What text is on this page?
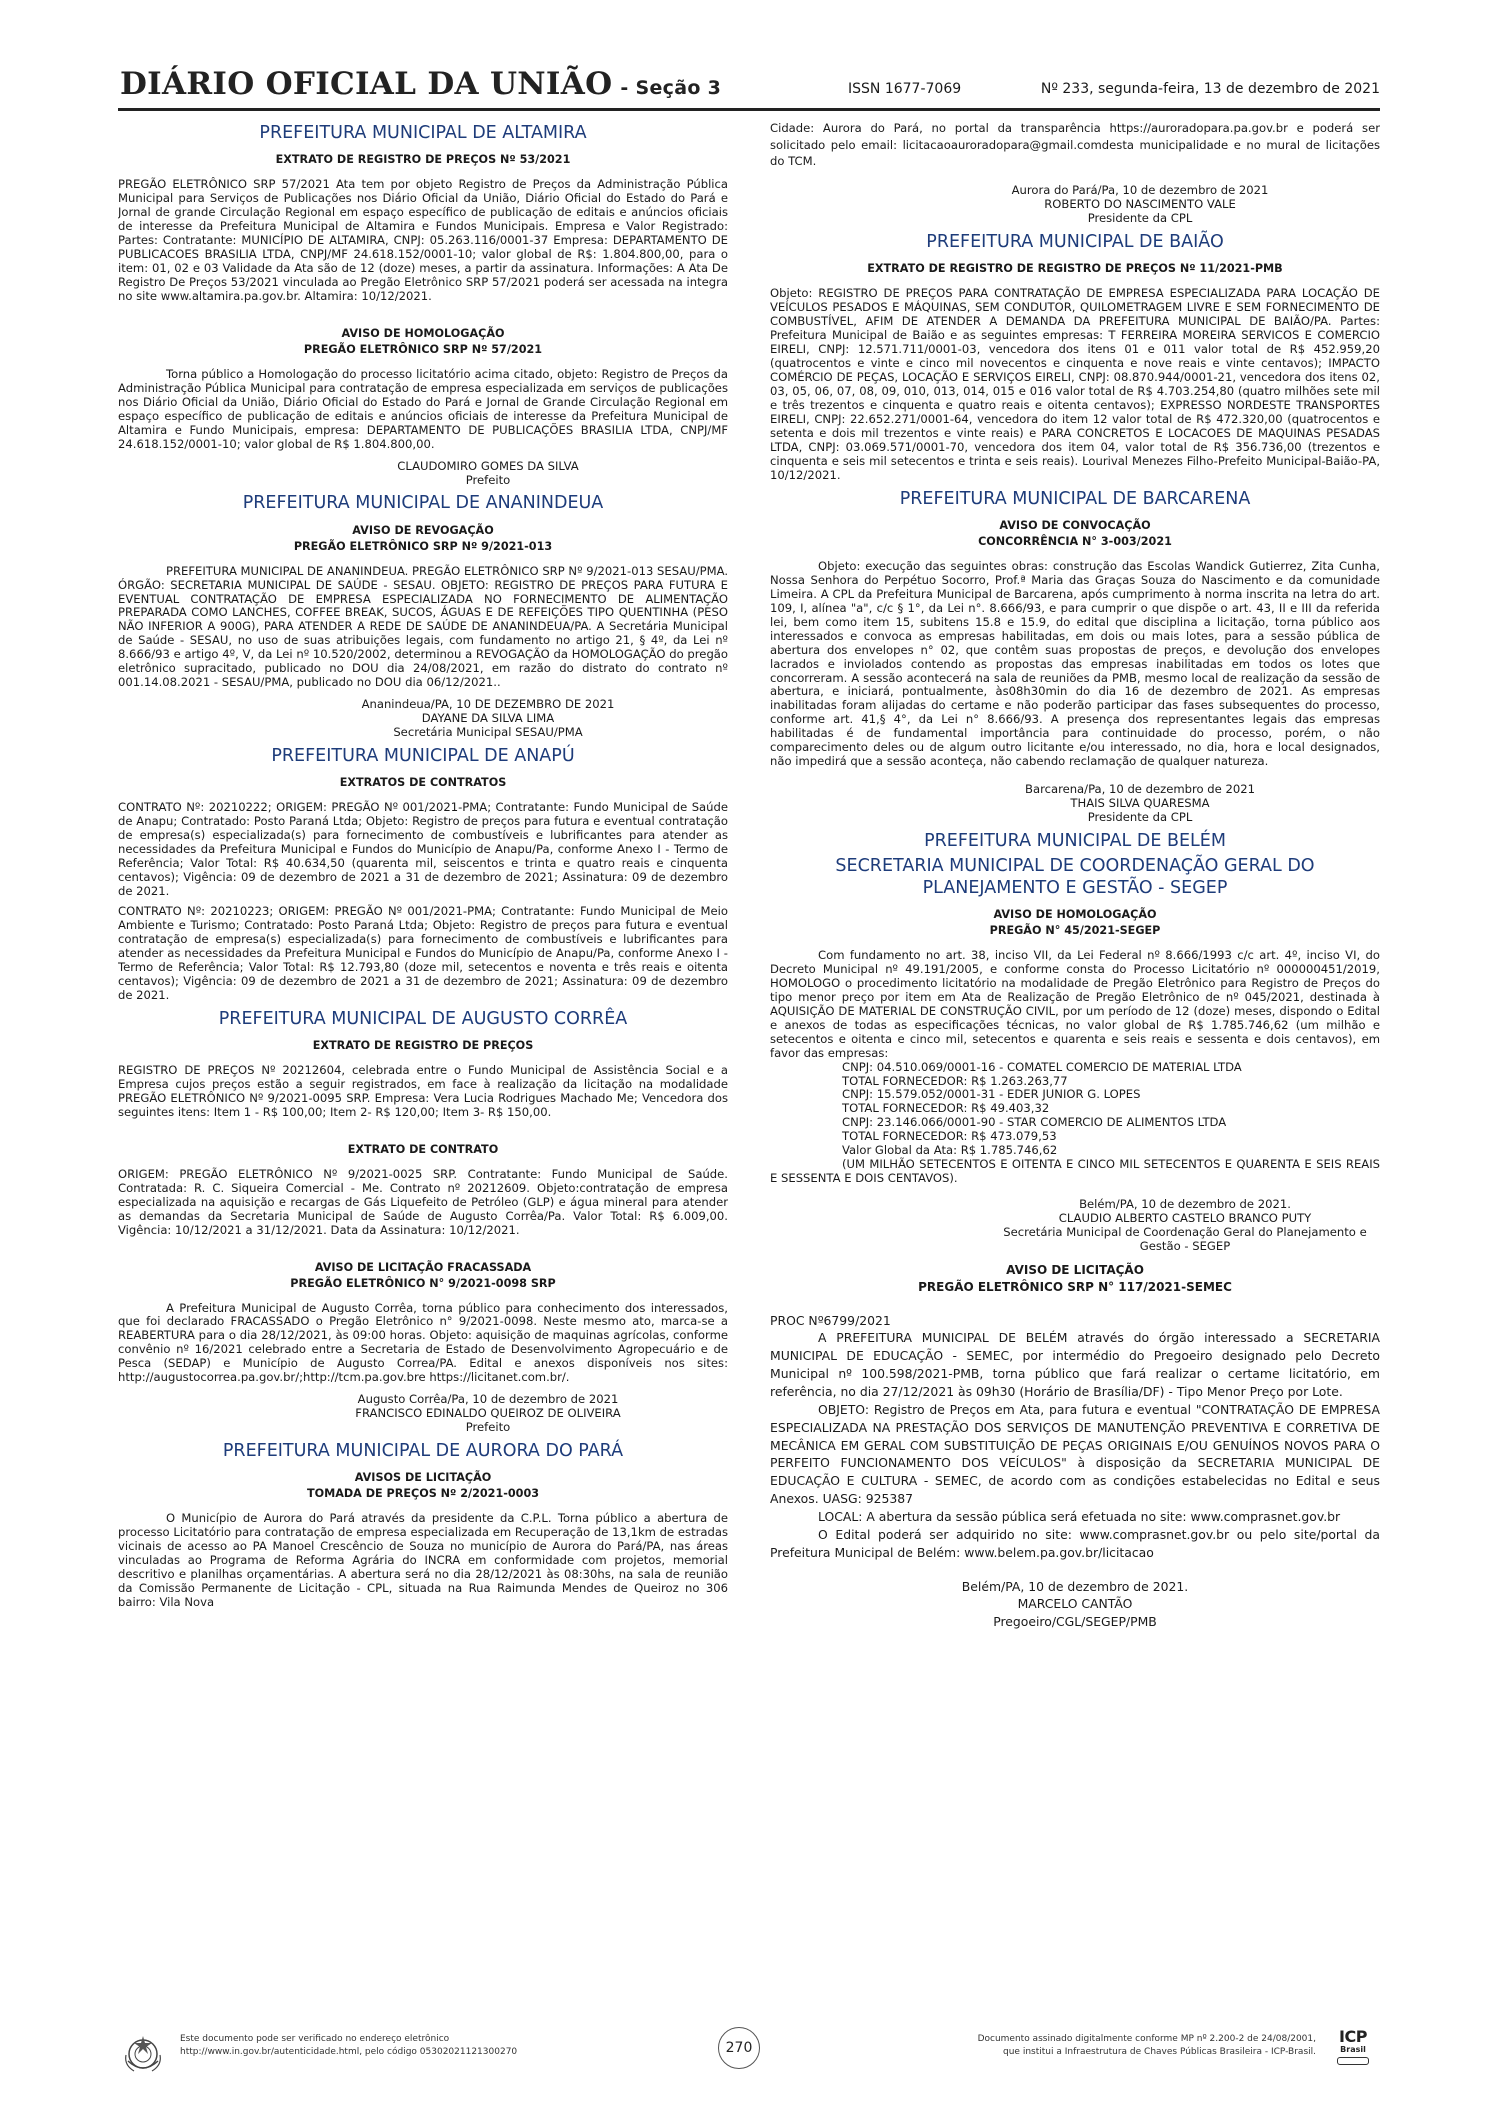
DIÁRIO OFICIAL DA UNIÃO - Seção 3	ISSN 1677-7069	Nº 233, segunda-feira, 13 de dezembro de 2021
PREFEITURA MUNICIPAL DE ALTAMIRA
EXTRATO DE REGISTRO DE PREÇOS Nº 53/2021

PREGÃO ELETRÔNICO SRP 57/2021 Ata tem por objeto Registro de Preços da Administração Pública Municipal para Serviços de Publicações nos Diário Oficial da União, Diário Oficial do Estado do Pará e Jornal de grande Circulação Regional em espaço específico de publicação de editais e anúncios oficiais de interesse da Prefeitura Municipal de Altamira e Fundos Municipais. Empresa e Valor Registrado: Partes: Contratante: MUNICÍPIO DE ALTAMIRA, CNPJ: 05.263.116/0001-37 Empresa: DEPARTAMENTO DE PUBLICACOES BRASILIA LTDA, CNPJ/MF 24.618.152/0001-10; valor global de R$: 1.804.800,00, para o item: 01, 02 e 03 Validade da Ata são de 12 (doze) meses, a partir da assinatura. Informações: A Ata De Registro De Preços 53/2021 vinculada ao Pregão Eletrônico SRP 57/2021 poderá ser acessada na integra no site www.altamira.pa.gov.br. Altamira: 10/12/2021.

AVISO DE HOMOLOGAÇÃO
PREGÃO ELETRÔNICO SRP Nº 57/2021

Torna público a Homologação do processo licitatório acima citado, objeto: Registro de Preços da Administração Pública Municipal para contratação de empresa especializada em serviços de publicações nos Diário Oficial da União, Diário Oficial do Estado do Pará e Jornal de Grande Circulação Regional em espaço específico de publicação de editais e anúncios oficiais de interesse da Prefeitura Municipal de Altamira e Fundo Municipais, empresa: DEPARTAMENTO DE PUBLICAÇÕES BRASILIA LTDA, CNPJ/MF 24.618.152/0001-10; valor global de R$ 1.804.800,00.

CLAUDOMIRO GOMES DA SILVA
Prefeito
PREFEITURA MUNICIPAL DE ANANINDEUA
AVISO DE REVOGAÇÃO
PREGÃO ELETRÔNICO SRP Nº 9/2021-013

PREFEITURA MUNICIPAL DE ANANINDEUA. PREGÃO ELETRÔNICO SRP Nº 9/2021-013 SESAU/PMA. ÓRGÃO: SECRETARIA MUNICIPAL DE SAÚDE - SESAU. OBJETO: REGISTRO DE PREÇOS PARA FUTURA E EVENTUAL CONTRATAÇÃO DE EMPRESA ESPECIALIZADA NO FORNECIMENTO DE ALIMENTAÇÃO PREPARADA COMO LANCHES, COFFEE BREAK, SUCOS, ÁGUAS E DE REFEIÇÕES TIPO QUENTINHA (PESO NÃO INFERIOR A 900G), PARA ATENDER A REDE DE SAÚDE DE ANANINDEUA/PA. A Secretária Municipal de Saúde - SESAU, no uso de suas atribuições legais, com fundamento no artigo 21, § 4º, da Lei nº 8.666/93 e artigo 4º, V, da Lei nº 10.520/2002, determinou a REVOGAÇÃO da HOMOLOGAÇÃO do pregão eletrônico supracitado, publicado no DOU dia 24/08/2021, em razão do distrato do contrato nº 001.14.08.2021 - SESAU/PMA, publicado no DOU dia 06/12/2021..

Ananindeua/PA, 10 DE DEZEMBRO DE 2021
DAYANE DA SILVA LIMA
Secretária Municipal SESAU/PMA
PREFEITURA MUNICIPAL DE ANAPÚ
EXTRATOS DE CONTRATOS

CONTRATO Nº: 20210222; ORIGEM: PREGÃO Nº 001/2021-PMA; Contratante: Fundo Municipal de Saúde de Anapu; Contratado: Posto Paraná Ltda; Objeto: Registro de preços para futura e eventual contratação de empresa(s) especializada(s) para fornecimento de combustíveis e lubrificantes para atender as necessidades da Prefeitura Municipal e Fundos do Município de Anapu/Pa, conforme Anexo I - Termo de Referência; Valor Total: R$ 40.634,50 (quarenta mil, seiscentos e trinta e quatro reais e cinquenta centavos); Vigência: 09 de dezembro de 2021 a 31 de dezembro de 2021; Assinatura: 09 de dezembro de 2021.

CONTRATO Nº: 20210223; ORIGEM: PREGÃO Nº 001/2021-PMA; Contratante: Fundo Municipal de Meio Ambiente e Turismo; Contratado: Posto Paraná Ltda; Objeto: Registro de preços para futura e eventual contratação de empresa(s) especializada(s) para fornecimento de combustíveis e lubrificantes para atender as necessidades da Prefeitura Municipal e Fundos do Município de Anapu/Pa, conforme Anexo I - Termo de Referência; Valor Total: R$ 12.793,80 (doze mil, setecentos e noventa e três reais e oitenta centavos); Vigência: 09 de dezembro de 2021 a 31 de dezembro de 2021; Assinatura: 09 de dezembro de 2021.

PREFEITURA MUNICIPAL DE AUGUSTO CORRÊA
EXTRATO DE REGISTRO DE PREÇOS

REGISTRO DE PREÇOS Nº 20212604, celebrada entre o Fundo Municipal de Assistência Social e a Empresa cujos preços estão a seguir registrados, em face à realização da licitação na modalidade PREGÃO ELETRÔNICO Nº 9/2021-0095 SRP. Empresa: Vera Lucia Rodrigues Machado Me; Vencedora dos seguintes itens: Item 1 - R$ 100,00; Item 2- R$ 120,00; Item 3- R$ 150,00.

EXTRATO DE CONTRATO

ORIGEM: PREGÃO ELETRÔNICO Nº 9/2021-0025 SRP. Contratante: Fundo Municipal de Saúde. Contratada: R. C. Siqueira Comercial - Me. Contrato nº 20212609. Objeto:contratação de empresa especializada na aquisição e recargas de Gás Liquefeito de Petróleo (GLP) e água mineral para atender as demandas da Secretaria Municipal de Saúde de Augusto Corrêa/Pa. Valor Total: R$ 6.009,00. Vigência: 10/12/2021 a 31/12/2021. Data da Assinatura: 10/12/2021.

AVISO DE LICITAÇÃO FRACASSADA
PREGÃO ELETRÔNICO N° 9/2021-0098 SRP

A Prefeitura Municipal de Augusto Corrêa, torna público para conhecimento dos interessados, que foi declarado FRACASSADO o Pregão Eletrônico n° 9/2021-0098. Neste mesmo ato, marca-se a REABERTURA para o dia 28/12/2021, às 09:00 horas. Objeto: aquisição de maquinas agrícolas, conforme convênio nº 16/2021 celebrado entre a Secretaria de Estado de Desenvolvimento Agropecuário e de Pesca (SEDAP) e Município de Augusto Correa/PA. Edital e anexos disponíveis nos sites: http://augustocorrea.pa.gov.br/;http://tcm.pa.gov.bre https://licitanet.com.br/.

Augusto Corrêa/Pa, 10 de dezembro de 2021
FRANCISCO EDINALDO QUEIROZ DE OLIVEIRA
Prefeito
PREFEITURA MUNICIPAL DE AURORA DO PARÁ
AVISOS DE LICITAÇÃO
TOMADA DE PREÇOS Nº 2/2021-0003

O Município de Aurora do Pará através da presidente da C.P.L. Torna público a abertura de processo Licitatório para contratação de empresa especializada em Recuperação de 13,1km de estradas vicinais de acesso ao PA Manoel Crescêncio de Souza no município de Aurora do Pará/PA, nas áreas vinculadas ao Programa de Reforma Agrária do INCRA em conformidade com projetos, memorial descritivo e planilhas orçamentárias. A abertura será no dia 28/12/2021 às 08:30hs, na sala de reunião da Comissão Permanente de Licitação - CPL, situada na Rua Raimunda Mendes de Queiroz no 306 bairro: Vila Nova

Cidade: Aurora do Pará, no portal da transparência https://auroradopara.pa.gov.br e poderá ser solicitado pelo email: licitacaoauroradopara@gmail.comdesta municipalidade e no mural de licitações do TCM.

Aurora do Pará/Pa, 10 de dezembro de 2021
ROBERTO DO NASCIMENTO VALE
Presidente da CPL
PREFEITURA MUNICIPAL DE BAIÃO
EXTRATO DE REGISTRO DE REGISTRO DE PREÇOS Nº 11/2021-PMB

Objeto: REGISTRO DE PREÇOS PARA CONTRATAÇÃO DE EMPRESA ESPECIALIZADA PARA LOCAÇÃO DE VEÍCULOS PESADOS E MÁQUINAS, SEM CONDUTOR, QUILOMETRAGEM LIVRE E SEM FORNECIMENTO DE COMBUSTÍVEL, AFIM DE ATENDER A DEMANDA DA PREFEITURA MUNICIPAL DE BAIÃO/PA. Partes: Prefeitura Municipal de Baião e as seguintes empresas: T FERREIRA MOREIRA SERVICOS E COMERCIO EIRELI, CNPJ: 12.571.711/0001-03, vencedora dos itens 01 e 011 valor total de R$ 452.959,20 (quatrocentos e vinte e cinco mil novecentos e cinquenta e nove reais e vinte centavos); IMPACTO COMÉRCIO DE PEÇAS, LOCAÇÃO E SERVIÇOS EIRELI, CNPJ: 08.870.944/0001-21, vencedora dos itens 02, 03, 05, 06, 07, 08, 09, 010, 013, 014, 015 e 016 valor total de R$ 4.703.254,80 (quatro milhões sete mil e três trezentos e cinquenta e quatro reais e oitenta centavos); EXPRESSO NORDESTE TRANSPORTES EIRELI, CNPJ: 22.652.271/0001-64, vencedora do item 12 valor total de R$ 472.320,00 (quatrocentos e setenta e dois mil trezentos e vinte reais) e PARA CONCRETOS E LOCACOES DE MAQUINAS PESADAS LTDA, CNPJ: 03.069.571/0001-70, vencedora dos item 04, valor total de R$ 356.736,00 (trezentos e cinquenta e seis mil setecentos e trinta e seis reais). Lourival Menezes Filho-Prefeito Municipal-Baião-PA, 10/12/2021.

PREFEITURA MUNICIPAL DE BARCARENA
AVISO DE CONVOCAÇÃO
CONCORRÊNCIA N° 3-003/2021

Objeto: execução das seguintes obras: construção das Escolas Wandick Gutierrez, Zita Cunha, Nossa Senhora do Perpétuo Socorro, Prof.ª Maria das Graças Souza do Nascimento e da comunidade Limeira. A CPL da Prefeitura Municipal de Barcarena, após cumprimento à norma inscrita na letra do art. 109, I, alínea "a", c/c § 1°, da Lei n°. 8.666/93, e para cumprir o que dispõe o art. 43, II e III da referida lei, bem como item 15, subitens 15.8 e 15.9, do edital que disciplina a licitação, torna público aos interessados e convoca as empresas habilitadas, em dois ou mais lotes, para a sessão pública de abertura dos envelopes n° 02, que contêm suas propostas de preços, e devolução dos envelopes lacrados e inviolados contendo as propostas das empresas inabilitadas em todos os lotes que concorreram. A sessão acontecerá na sala de reuniões da PMB, mesmo local de realização da sessão de abertura, e iniciará, pontualmente, às08h30min do dia 16 de dezembro de 2021. As empresas inabilitadas foram alijadas do certame e não poderão participar das fases subsequentes do processo, conforme art. 41,§ 4°, da Lei n° 8.666/93. A presença dos representantes legais das empresas habilitadas é de fundamental importância para continuidade do processo, porém, o não comparecimento deles ou de algum outro licitante e/ou interessado, no dia, hora e local designados, não impedirá que a sessão aconteça, não cabendo reclamação de qualquer natureza.

Barcarena/Pa, 10 de dezembro de 2021
THAIS SILVA QUARESMA
Presidente da CPL
PREFEITURA MUNICIPAL DE BELÉM
SECRETARIA MUNICIPAL DE COORDENAÇÃO GERAL DO PLANEJAMENTO E GESTÃO - SEGEP
AVISO DE HOMOLOGAÇÃO
PREGÃO N° 45/2021-SEGEP

Com fundamento no art. 38, inciso VII, da Lei Federal nº 8.666/1993 c/c art. 4º, inciso VI, do Decreto Municipal nº 49.191/2005, e conforme consta do Processo Licitatório nº 000000451/2019, HOMOLOGO o procedimento licitatório na modalidade de Pregão Eletrônico para Registro de Preços do tipo menor preço por item em Ata de Realização de Pregão Eletrônico de nº 045/2021, destinada à AQUISIÇÃO DE MATERIAL DE CONSTRUÇÃO CIVIL, por um período de 12 (doze) meses, dispondo o Edital e anexos de todas as especificações técnicas, no valor global de R$ 1.785.746,62 (um milhão e setecentos e oitenta e cinco mil, setecentos e quarenta e seis reais e sessenta e dois centavos), em favor das empresas:

CNPJ: 04.510.069/0001-16 - COMATEL COMERCIO DE MATERIAL LTDA
TOTAL FORNECEDOR: R$ 1.263.263,77
CNPJ: 15.579.052/0001-31 - EDER JUNIOR G. LOPES
TOTAL FORNECEDOR: R$ 49.403,32
CNPJ: 23.146.066/0001-90 - STAR COMERCIO DE ALIMENTOS LTDA
TOTAL FORNECEDOR: R$ 473.079,53
Valor Global da Ata: R$ 1.785.746,62

(UM MILHÃO SETECENTOS E OITENTA E CINCO MIL SETECENTOS E QUARENTA E SEIS REAIS E SESSENTA E DOIS CENTAVOS).

Belém/PA, 10 de dezembro de 2021.
CLAUDIO ALBERTO CASTELO BRANCO PUTY
Secretária Municipal de Coordenação Geral do Planejamento e Gestão - SEGEP
AVISO DE LICITAÇÃO
PREGÃO ELETRÔNICO SRP N° 117/2021-SEMEC

PROC Nº6799/2021

A PREFEITURA MUNICIPAL DE BELÉM através do órgão interessado a SECRETARIA MUNICIPAL DE EDUCAÇÃO - SEMEC, por intermédio do Pregoeiro designado pelo Decreto Municipal nº 100.598/2021-PMB, torna público que fará realizar o certame licitatório, em referência, no dia 27/12/2021 às 09h30 (Horário de Brasília/DF) - Tipo Menor Preço por Lote.

OBJETO: Registro de Preços em Ata, para futura e eventual "CONTRATAÇÃO DE EMPRESA ESPECIALIZADA NA PRESTAÇÃO DOS SERVIÇOS DE MANUTENÇÃO PREVENTIVA E CORRETIVA DE MECÂNICA EM GERAL COM SUBSTITUIÇÃO DE PEÇAS ORIGINAIS E/OU GENUÍNOS NOVOS PARA O PERFEITO FUNCIONAMENTO DOS VEÍCULOS" à disposição da SECRETARIA MUNICIPAL DE EDUCAÇÃO E CULTURA - SEMEC, de acordo com as condições estabelecidas no Edital e seus Anexos. UASG: 925387

LOCAL: A abertura da sessão pública será efetuada no site: www.comprasnet.gov.br

O Edital poderá ser adquirido no site: www.comprasnet.gov.br ou pelo site/portal da Prefeitura Municipal de Belém: www.belem.pa.gov.br/licitacao

Belém/PA, 10 de dezembro de 2021.
MARCELO CANTÃO
Pregoeiro/CGL/SEGEP/PMB
Este documento pode ser verificado no endereço eletrônico
http://www.in.gov.br/autenticidade.html, pelo código 05302021121300270	270
Documento assinado digitalmente conforme MP nº 2.200-2 de 24/08/2001,
que institui a Infraestrutura de Chaves Públicas Brasileira - ICP-Brasil.
ICP
Brasil
